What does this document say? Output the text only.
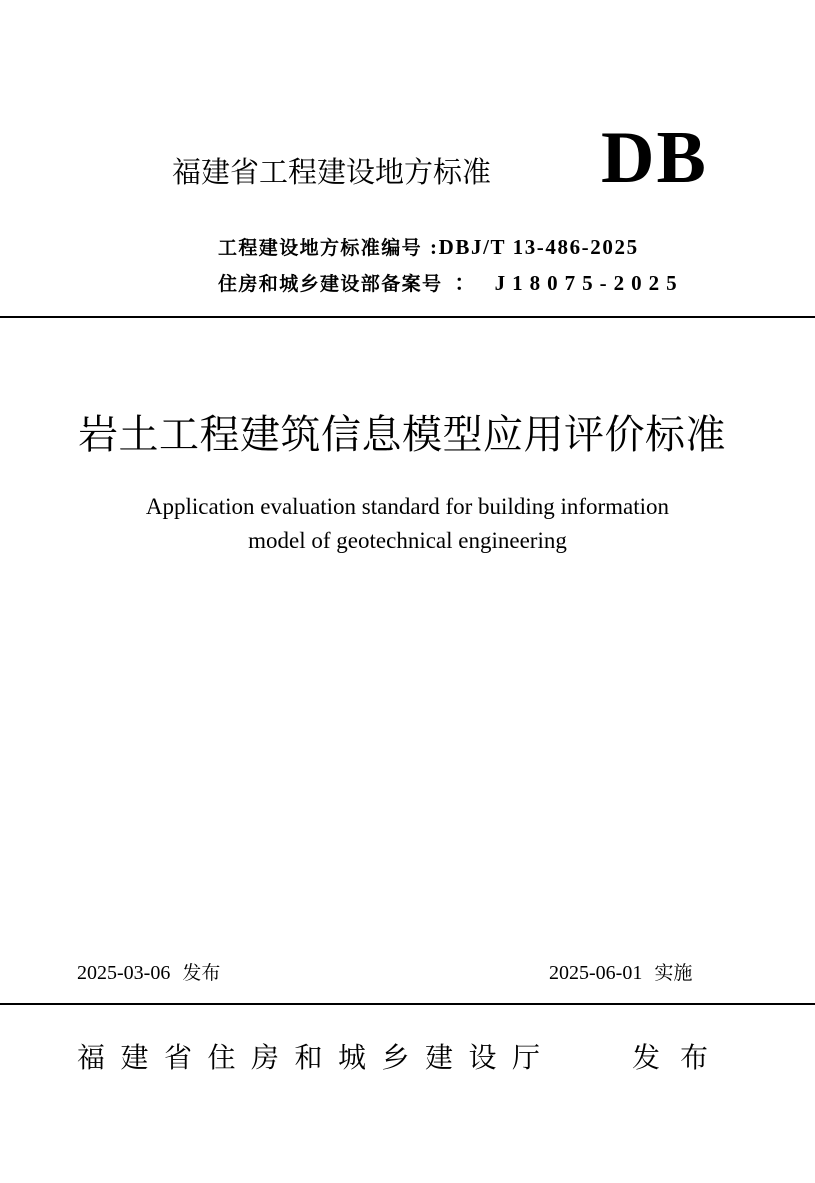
福建省工程建设地方标准 DB
工程建设地方标准编号 :DBJ/T 13-486-2025
住房和城乡建设部备案号 ： J18075-2025
岩土工程建筑信息模型应用评价标准
Application evaluation standard for building information
model of geotechnical engineering
2025-03-06 发布	2025-06-01 实施
福建省住房和城乡建设厅	发布
